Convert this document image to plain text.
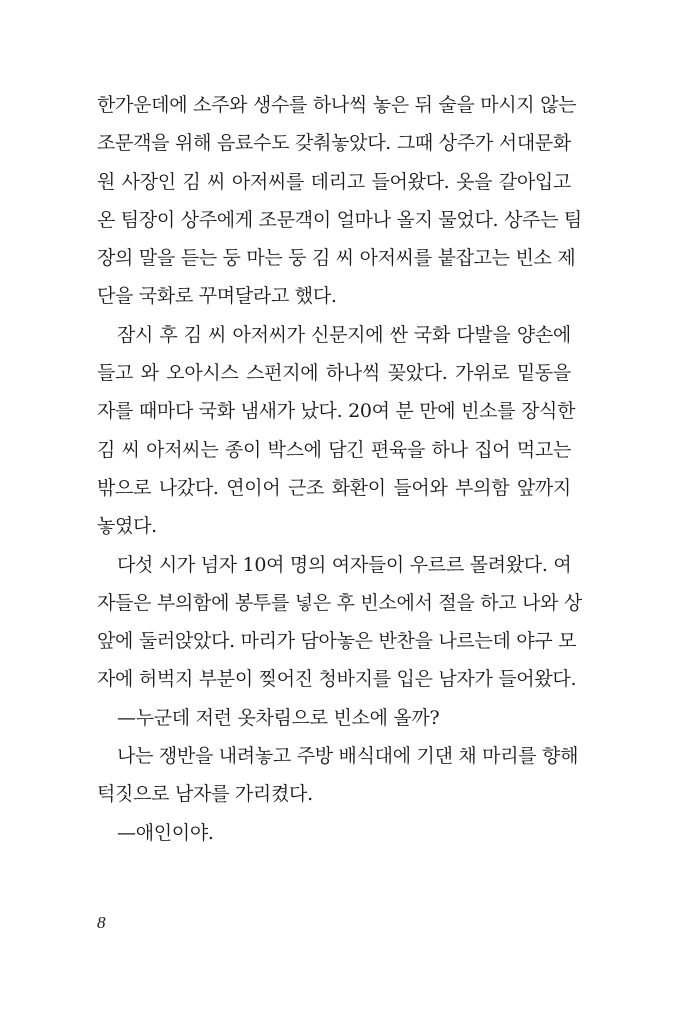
한가운데에 소주와 생수를 하나씩 놓은 뒤 술을 마시지 않는
조문객을 위해 음료수도 갖춰놓았다. 그때 상주가 서대문화
원 사장인 김 씨 아저씨를 데리고 들어왔다. 옷을 갈아입고
온 팀장이 상주에게 조문객이 얼마나 올지 물었다. 상주는 팀
장의 말을 듣는 둥 마는 둥 김 씨 아저씨를 붙잡고는 빈소 제
단을 국화로 꾸며달라고 했다.
잠시 후 김 씨 아저씨가 신문지에 싼 국화 다발을 양손에
들고 와 오아시스 스펀지에 하나씩 꽂았다. 가위로 밑동을
자를 때마다 국화 냄새가 났다. 20여 분 만에 빈소를 장식한
김 씨 아저씨는 종이 박스에 담긴 편육을 하나 집어 먹고는
밖으로 나갔다. 연이어 근조 화환이 들어와 부의함 앞까지
놓였다.
다섯 시가 넘자 10여 명의 여자들이 우르르 몰려왔다. 여
자들은 부의함에 봉투를 넣은 후 빈소에서 절을 하고 나와 상
앞에 둘러앉았다. 마리가 담아놓은 반찬을 나르는데 야구 모
자에 허벅지 부분이 찢어진 청바지를 입은 남자가 들어왔다.
—누군데 저런 옷차림으로 빈소에 올까?
나는 쟁반을 내려놓고 주방 배식대에 기댄 채 마리를 향해
턱짓으로 남자를 가리켰다.
—애인이야.
8
